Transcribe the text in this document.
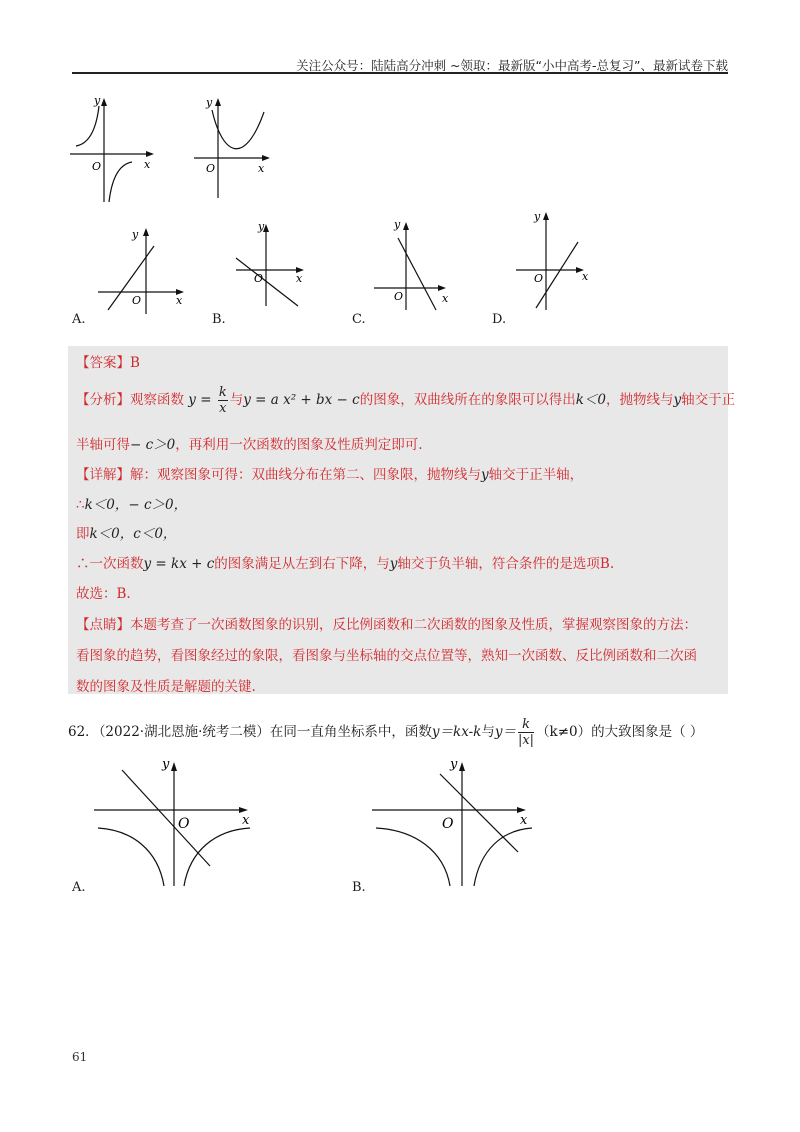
关注公众号：陆陆高分冲刺 ~领取：最新版“小中高考-总复习”、最新试卷下载
y
x
O
y
x
O
y
x
O
A.
y
x
O
B.
y
x
O
C.
y
x
O
D.
【答案】B
【分析】观察函数 $y = \frac{k}{x}$ 与y = a x² + bx − c的图象，双曲线所在的象限可以得出k＜0，抛物线与y轴交于正
半轴可得− c＞0，再利用一次函数的图象及性质判定即可.
【详解】解：观察图象可得：双曲线分布在第二、四象限，抛物线与y轴交于正半轴，
∴k＜0，− c＞0，
即k＜0，c＜0，
∴一次函数y = kx + c的图象满足从左到右下降，与y轴交于负半轴，符合条件的是选项B.
故选：B.
【点睛】本题考查了一次函数图象的识别，反比例函数和二次函数的图象及性质，掌握观察图象的方法：
看图象的趋势，看图象经过的象限，看图象与坐标轴的交点位置等，熟知一次函数、反比例函数和二次函
数的图象及性质是解题的关键.
62．（2022·湖北恩施·统考二模）在同一直角坐标系中，函数y＝kx-k与$y= \frac{k}{|x|} (k\ne 0)$的大致图象是（ ）
y
x
O
A.
y
x
O
B.
61
